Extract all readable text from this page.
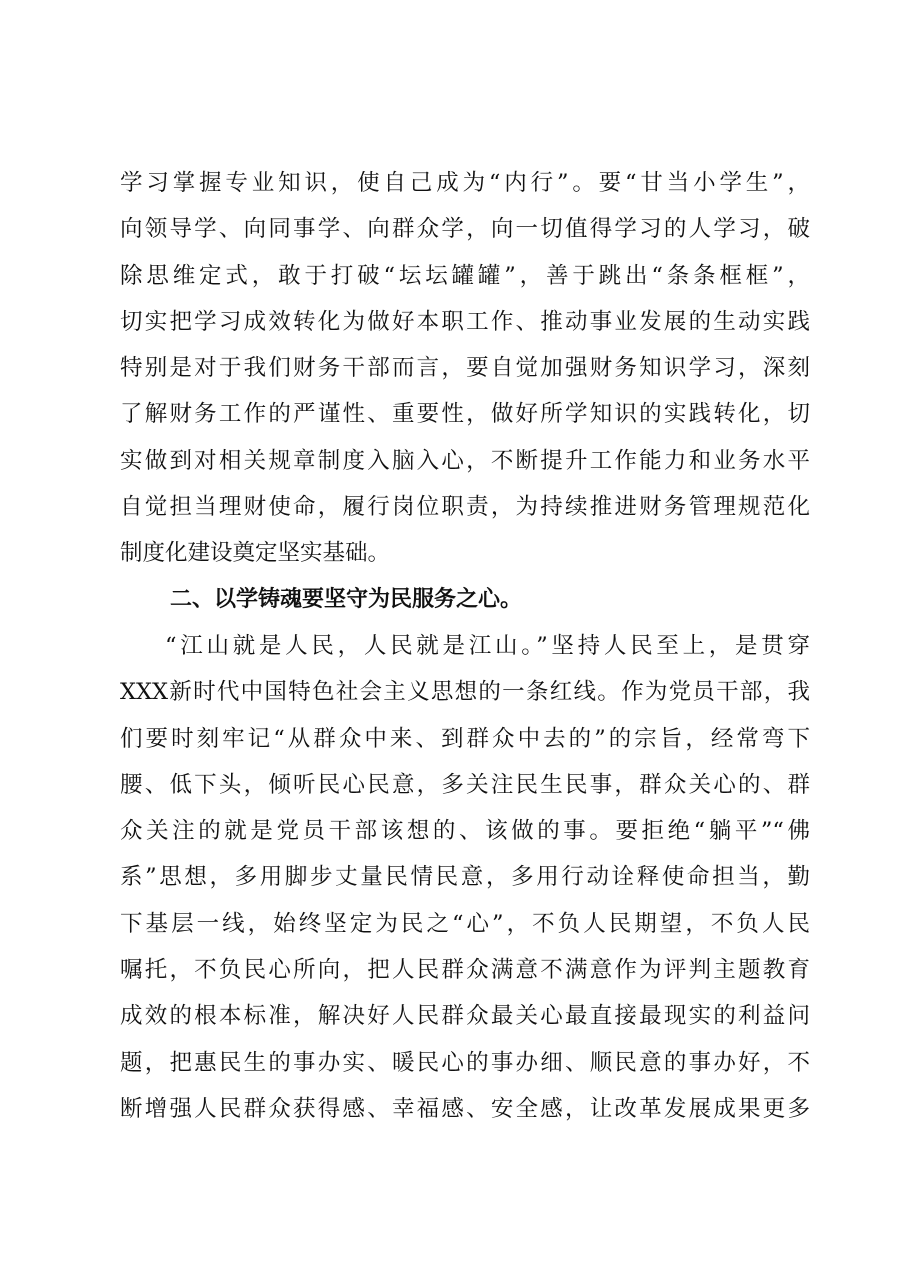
学习掌握专业知识，使自己成为“内行”。要“甘当小学生”，
向领导学、向同事学、向群众学，向一切值得学习的人学习，破
除思维定式，敢于打破“坛坛罐罐”，善于跳出“条条框框”，
切实把学习成效转化为做好本职工作、推动事业发展的生动实践
特别是对于我们财务干部而言，要自觉加强财务知识学习，深刻
了解财务工作的严谨性、重要性，做好所学知识的实践转化，切
实做到对相关规章制度入脑入心，不断提升工作能力和业务水平
自觉担当理财使命，履行岗位职责，为持续推进财务管理规范化
制度化建设奠定坚实基础。
二、以学铸魂要坚守为民服务之心。
“江山就是人民，人民就是江山。”坚持人民至上，是贯穿
XXX新时代中国特色社会主义思想的一条红线。作为党员干部，我
们要时刻牢记“从群众中来、到群众中去的”的宗旨，经常弯下
腰、低下头，倾听民心民意，多关注民生民事，群众关心的、群
众关注的就是党员干部该想的、该做的事。要拒绝“躺平”“佛
系”思想，多用脚步丈量民情民意，多用行动诠释使命担当，勤
下基层一线，始终坚定为民之“心”，不负人民期望，不负人民
嘱托，不负民心所向，把人民群众满意不满意作为评判主题教育
成效的根本标准，解决好人民群众最关心最直接最现实的利益问
题，把惠民生的事办实、暖民心的事办细、顺民意的事办好，不
断增强人民群众获得感、幸福感、安全感，让改革发展成果更多
